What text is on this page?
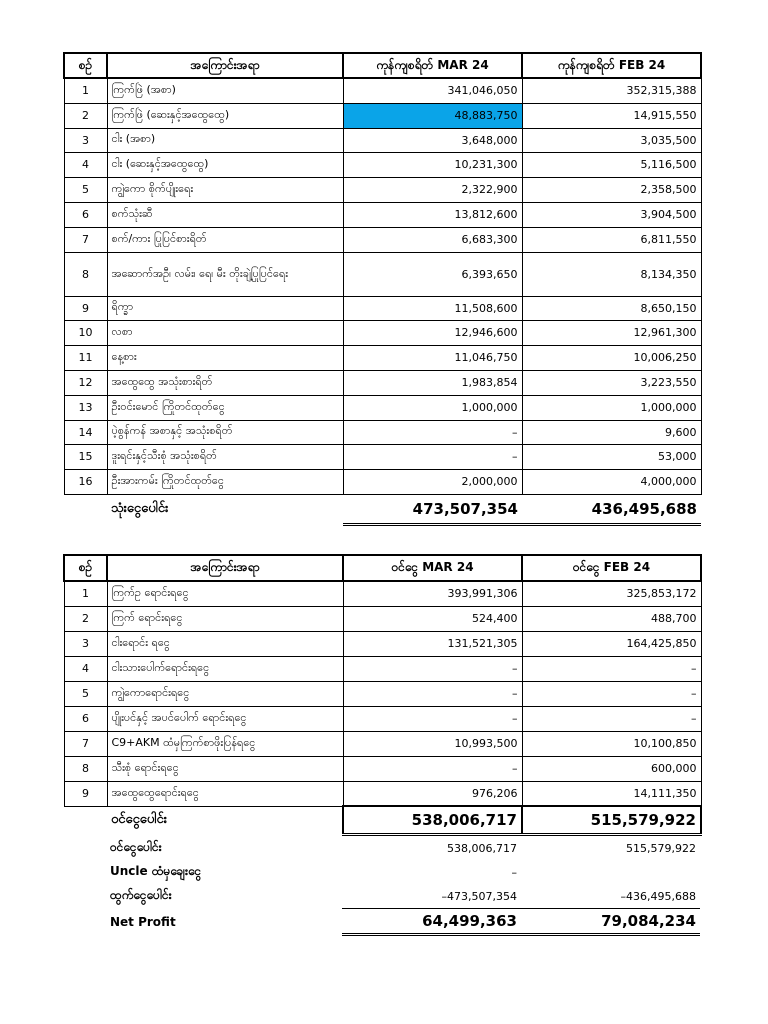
စဉ်	အကြောင်းအရာ	ကုန်ကျစရိတ် MAR 24	ကုန်ကျစရိတ် FEB 24
1	ကြက်ဖြဲ (အစာ)	341,046,050	352,315,388
2	ကြက်ဖြဲ (ဆေးနှင့်အထွေထွေ)	48,883,750	14,915,550
3	ငါး (အစာ)	3,648,000	3,035,500
4	ငါး (ဆေးနှင့်အထွေထွေ)	10,231,300	5,116,500
5	ကျွဲကော စိုက်ပျိုးရေး	2,322,900	2,358,500
6	စက်သုံးဆီ	13,812,600	3,904,500
7	စက်/ကား ပြုပြင်စားရိတ်	6,683,300	6,811,550
8	အဆောက်အဦ၊ လမ်း၊ ရေ၊ မီး တိုးချဲ့ပြုပြင်ရေး	6,393,650	8,134,350
9	ရိက္ခာ	11,508,600	8,650,150
10	လစာ	12,946,600	12,961,300
11	နေ့စား	11,046,750	10,006,250
12	အထွေထွေ အသုံးစားရိတ်	1,983,854	3,223,550
13	ဦးဝင်းမောင် ကြိုတင်ထုတ်ငွေ	1,000,000	1,000,000
14	ပဲ့စွန်ကန် အစာနှင့် အသုံးစရိတ်	–	9,600
15	ဒူးရင်းနှင့်သီးစုံ အသုံးစရိတ်	–	53,000
16	ဦးအားကမ်း ကြိုတင်ထုတ်ငွေ	2,000,000	4,000,000
	သုံးငွေပေါင်း	473,507,354	436,495,688
စဉ်	အကြောင်းအရာ	ဝင်ငွေ MAR 24	ဝင်ငွေ FEB 24
1	ကြက်ဥ ရောင်းရငွေ	393,991,306	325,853,172
2	ကြက် ရောင်းရငွေ	524,400	488,700
3	ငါးရောင်း ရငွေ	131,521,305	164,425,850
4	ငါးသားပေါက်ရောင်းရငွေ	–	–
5	ကျွဲကောရောင်းရငွေ	–	–
6	ပျိုးပင်နှင့် အပင်ပေါက် ရောင်းရငွေ	–	–
7	C9+AKM ထံမှကြက်စာဖိုးပြန်ရငွေ	10,993,500	10,100,850
8	သီးစုံ ရောင်းရငွေ	–	600,000
9	အထွေထွေရောင်းရငွေ	976,206	14,111,350
	ဝင်ငွေပေါင်း	538,006,717	515,579,922
	ဝင်ငွေပေါင်း	538,006,717	515,579,922
	Uncle ထံမှချေးငွေ	–	
	ထွက်ငွေပေါင်း	–473,507,354	–436,495,688
	Net Profit	64,499,363	79,084,234
